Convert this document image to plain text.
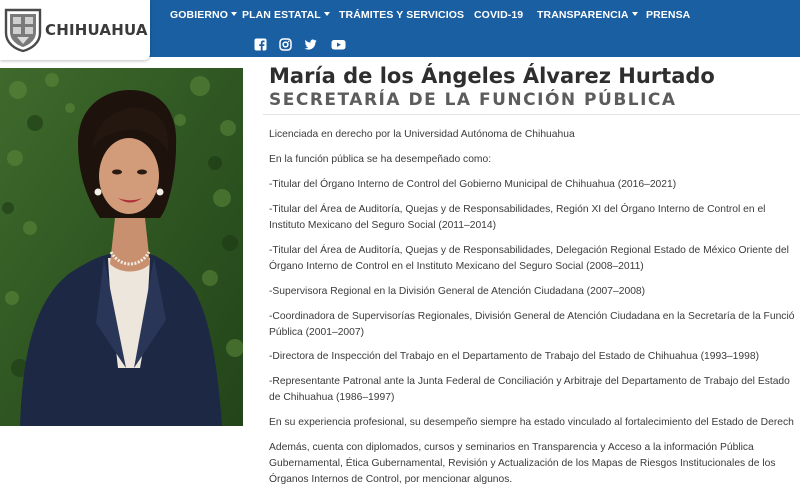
CHIHUAHUA
GOBIERNO	PLAN ESTATAL	TRÁMITES Y SERVICIOS COVID-19 TRANSPARENCIA	PRENSA
María de los Ángeles Álvarez Hurtado
SECRETARÍA DE LA FUNCIÓN PÚBLICA
Licenciada en derecho por la Universidad Autónoma de Chihuahua
En la función pública se ha desempeñado como:
-Titular del Órgano Interno de Control del Gobierno Municipal de Chihuahua (2016–2021)
-Titular del Área de Auditoría, Quejas y de Responsabilidades, Región XI del Órgano Interno de Control en el
Instituto Mexicano del Seguro Social (2011–2014)
-Titular del Área de Auditoría, Quejas y de Responsabilidades, Delegación Regional Estado de México Oriente del
Órgano Interno de Control en el Instituto Mexicano del Seguro Social (2008–2011)
-Supervisora Regional en la División General de Atención Ciudadana (2007–2008)
-Coordinadora de Supervisorías Regionales, División General de Atención Ciudadana en la Secretaría de la Funció
Pública (2001–2007)
-Directora de Inspección del Trabajo en el Departamento de Trabajo del Estado de Chihuahua (1993–1998)
-Representante Patronal ante la Junta Federal de Conciliación y Arbitraje del Departamento de Trabajo del Estado
de Chihuahua (1986–1997)
En su experiencia profesional, su desempeño siempre ha estado vinculado al fortalecimiento del Estado de Derech
Además, cuenta con diplomados, cursos y seminarios en Transparencia y Acceso a la información Pública
Gubernamental, Ética Gubernamental, Revisión y Actualización de los Mapas de Riesgos Institucionales de los
Órganos Internos de Control, por mencionar algunos.
